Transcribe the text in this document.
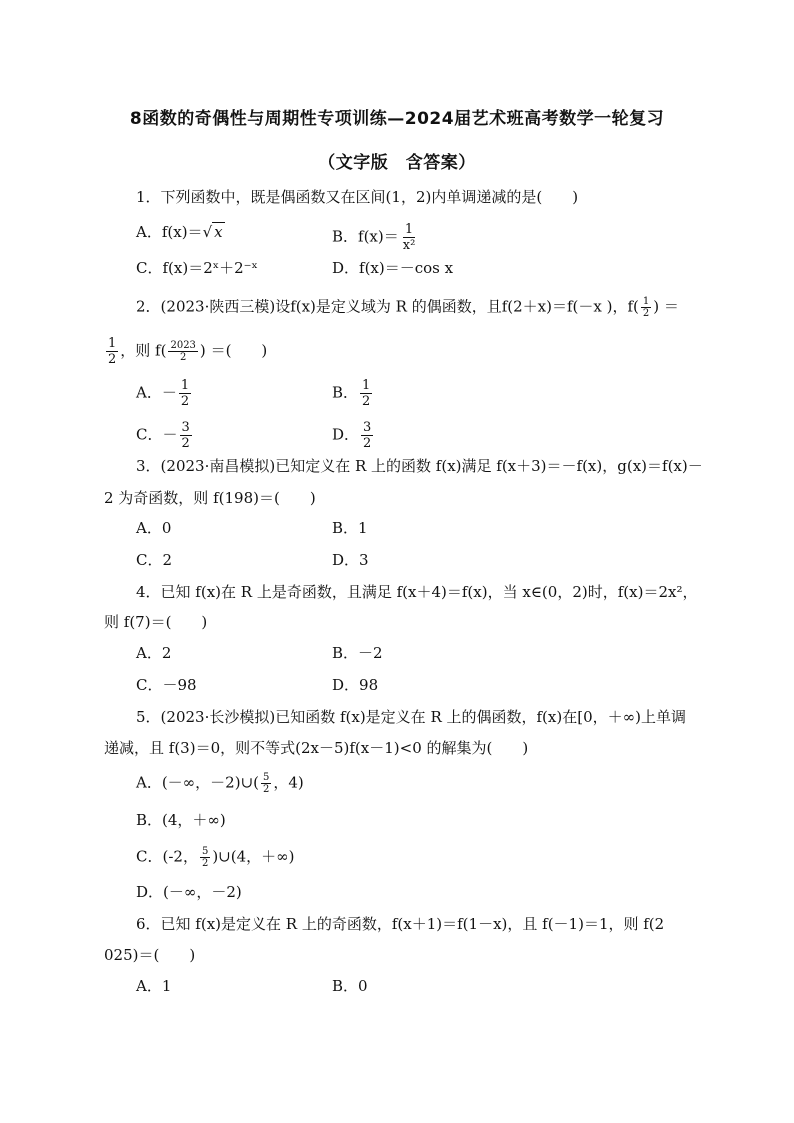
8函数的奇偶性与周期性专项训练—2024届艺术班高考数学一轮复习
（文字版　含答案）
1．下列函数中，既是偶函数又在区间(1，2)内单调递减的是(　　)
A．f(x)＝√ x	B．$f(x)= \frac{1}{\text{x²}}$
C．f(x)＝2ˣ＋2⁻ˣ	D．f(x)＝－cos x
2．(2023·陕西三模)设f(x)是定义域为 R 的偶函数，且f(2＋x)＝f(－x )，$f( \frac{1}{2}$ ) ＝
$\frac{1}{2}$ ，则 $f( \frac{2023}{2}$ ) ＝(　　)
A．－ $\frac{1}{2}$	B． $\frac{1}{2}$
C．－ $\frac{3}{2}$	D． $\frac{3}{2}$
3．(2023·南昌模拟)已知定义在 R 上的函数 f(x)满足 f(x＋3)＝－f(x)，g(x)＝f(x)－
2 为奇函数，则 f(198)＝(　　)
A．0	B．1
C．2	D．3
4．已知 f(x)在 R 上是奇函数，且满足 f(x＋4)＝f(x)，当 x∈(0，2)时，f(x)＝2x²，
则 f(7)＝(　　)
A．2	B．－2
C．－98	D．98
5．(2023·长沙模拟)已知函数 f(x)是定义在 R 上的偶函数，f(x)在[0，＋∞)上单调
递减，且 f(3)＝0，则不等式(2x－5)f(x－1)<0 的解集为(　　)
A．(－∞，－2)∪( $\frac{5}{2}$ ，4)
B．(4，＋∞)
C．(-2， $\frac{5}{2}$ )∪(4，＋∞)
D．(－∞，－2)
6．已知 f(x)是定义在 R 上的奇函数，f(x＋1)＝f(1－x)，且 f(－1)＝1，则 f(2
025)＝(　　)
A．1	B．0
